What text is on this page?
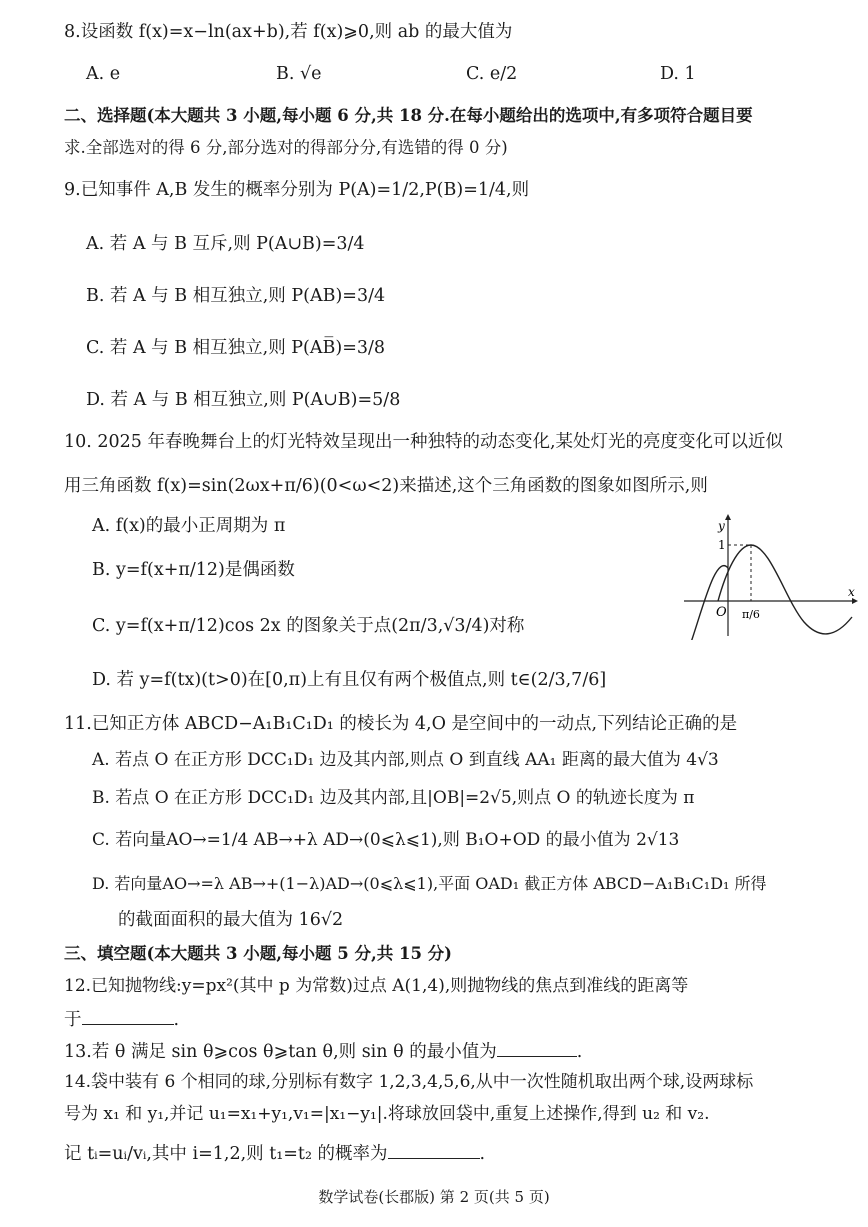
8.设函数 f(x)=x−ln(ax+b),若 f(x)⩾0,则 ab 的最大值为
A. e	B. √e	C. e/2	D. 1
二、选择题(本大题共 3 小题,每小题 6 分,共 18 分.在每小题给出的选项中,有多项符合题目要
求.全部选对的得 6 分,部分选对的得部分分,有选错的得 0 分)
9.已知事件 A,B 发生的概率分别为 P(A)=1/2,P(B)=1/4,则
A. 若 A 与 B 互斥,则 P(A∪B)=3/4
B. 若 A 与 B 相互独立,则 P(AB)=3/4
C. 若 A 与 B 相互独立,则 P(AB̅)=3/8
D. 若 A 与 B 相互独立,则 P(A∪B)=5/8
10. 2025 年春晚舞台上的灯光特效呈现出一种独特的动态变化,某处灯光的亮度变化可以近似
用三角函数 f(x)=sin(2ωx+π/6)(0<ω<2)来描述,这个三角函数的图象如图所示,则
A. f(x)的最小正周期为 π
B. y=f(x+π/12)是偶函数
C. y=f(x+π/12)cos 2x 的图象关于点(2π/3,√3/4)对称
D. 若 y=f(tx)(t>0)在[0,π)上有且仅有两个极值点,则 t∈(2/3,7/6]
y
x
O
1
π/6
11.已知正方体 ABCD−A₁B₁C₁D₁ 的棱长为 4,O 是空间中的一动点,下列结论正确的是
A. 若点 O 在正方形 DCC₁D₁ 边及其内部,则点 O 到直线 AA₁ 距离的最大值为 4√3
B. 若点 O 在正方形 DCC₁D₁ 边及其内部,且|OB|=2√5,则点 O 的轨迹长度为 π
C. 若向量AO→=1/4 AB→+λ AD→(0⩽λ⩽1),则 B₁O+OD 的最小值为 2√13
D. 若向量AO→=λ AB→+(1−λ)AD→(0⩽λ⩽1),平面 OAD₁ 截正方体 ABCD−A₁B₁C₁D₁ 所得
的截面面积的最大值为 16√2
三、填空题(本大题共 3 小题,每小题 5 分,共 15 分)
12.已知抛物线:y=px²(其中 p 为常数)过点 A(1,4),则抛物线的焦点到准线的距离等
于	.
13.若 θ 满足 sin θ⩾cos θ⩾tan θ,则 sin θ 的最小值为	.
14.袋中装有 6 个相同的球,分别标有数字 1,2,3,4,5,6,从中一次性随机取出两个球,设两球标
号为 x₁ 和 y₁,并记 u₁=x₁+y₁,v₁=|x₁−y₁|.将球放回袋中,重复上述操作,得到 u₂ 和 v₂.
记 tᵢ=uᵢ/vᵢ,其中 i=1,2,则 t₁=t₂ 的概率为	.
数学试卷(长郡版) 第 2 页(共 5 页)
